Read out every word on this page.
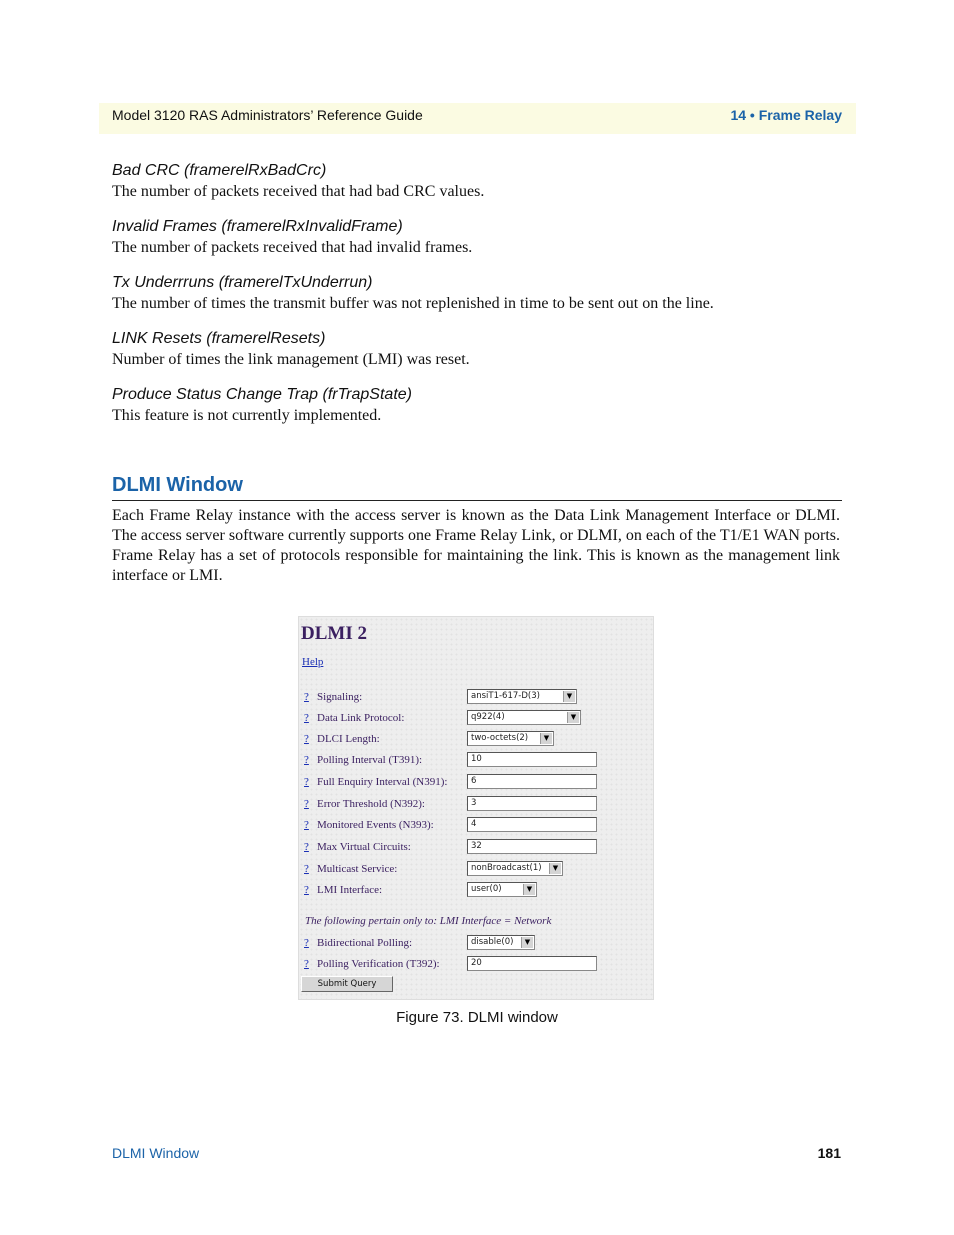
Model 3120 RAS Administrators’ Reference Guide	14 • Frame Relay
Bad CRC (framerelRxBadCrc)
The number of packets received that had bad CRC values.
Invalid Frames (framerelRxInvalidFrame)
The number of packets received that had invalid frames.
Tx Underrruns (framerelTxUnderrun)
The number of times the transmit buffer was not replenished in time to be sent out on the line.
LINK Resets (framerelResets)
Number of times the link management (LMI) was reset.
Produce Status Change Trap (frTrapState)
This feature is not currently implemented.
DLMI Window
Each Frame Relay instance with the access server is known as the Data Link Management Interface or DLMI. The access server software currently supports one Frame Relay Link, or DLMI, on each of the T1/E1 WAN ports. Frame Relay has a set of protocols responsible for maintaining the link. This is known as the management link interface or LMI.
DLMI 2
Help
? Signaling:	ansiT1-617-D(3)	▼
? Data Link Protocol:	q922(4)	▼
? DLCI Length:	two-octets(2)	▼
? Polling Interval (T391):	10
? Full Enquiry Interval (N391):	6
? Error Threshold (N392):	3
? Monitored Events (N393):	4
? Max Virtual Circuits:	32
? Multicast Service:	nonBroadcast(1)	▼
? LMI Interface:	user(0)	▼
The following pertain only to: LMI Interface = Network
? Bidirectional Polling:	disable(0)	▼
? Polling Verification (T392):	20
Submit Query
Figure 73. DLMI window
DLMI Window	181
